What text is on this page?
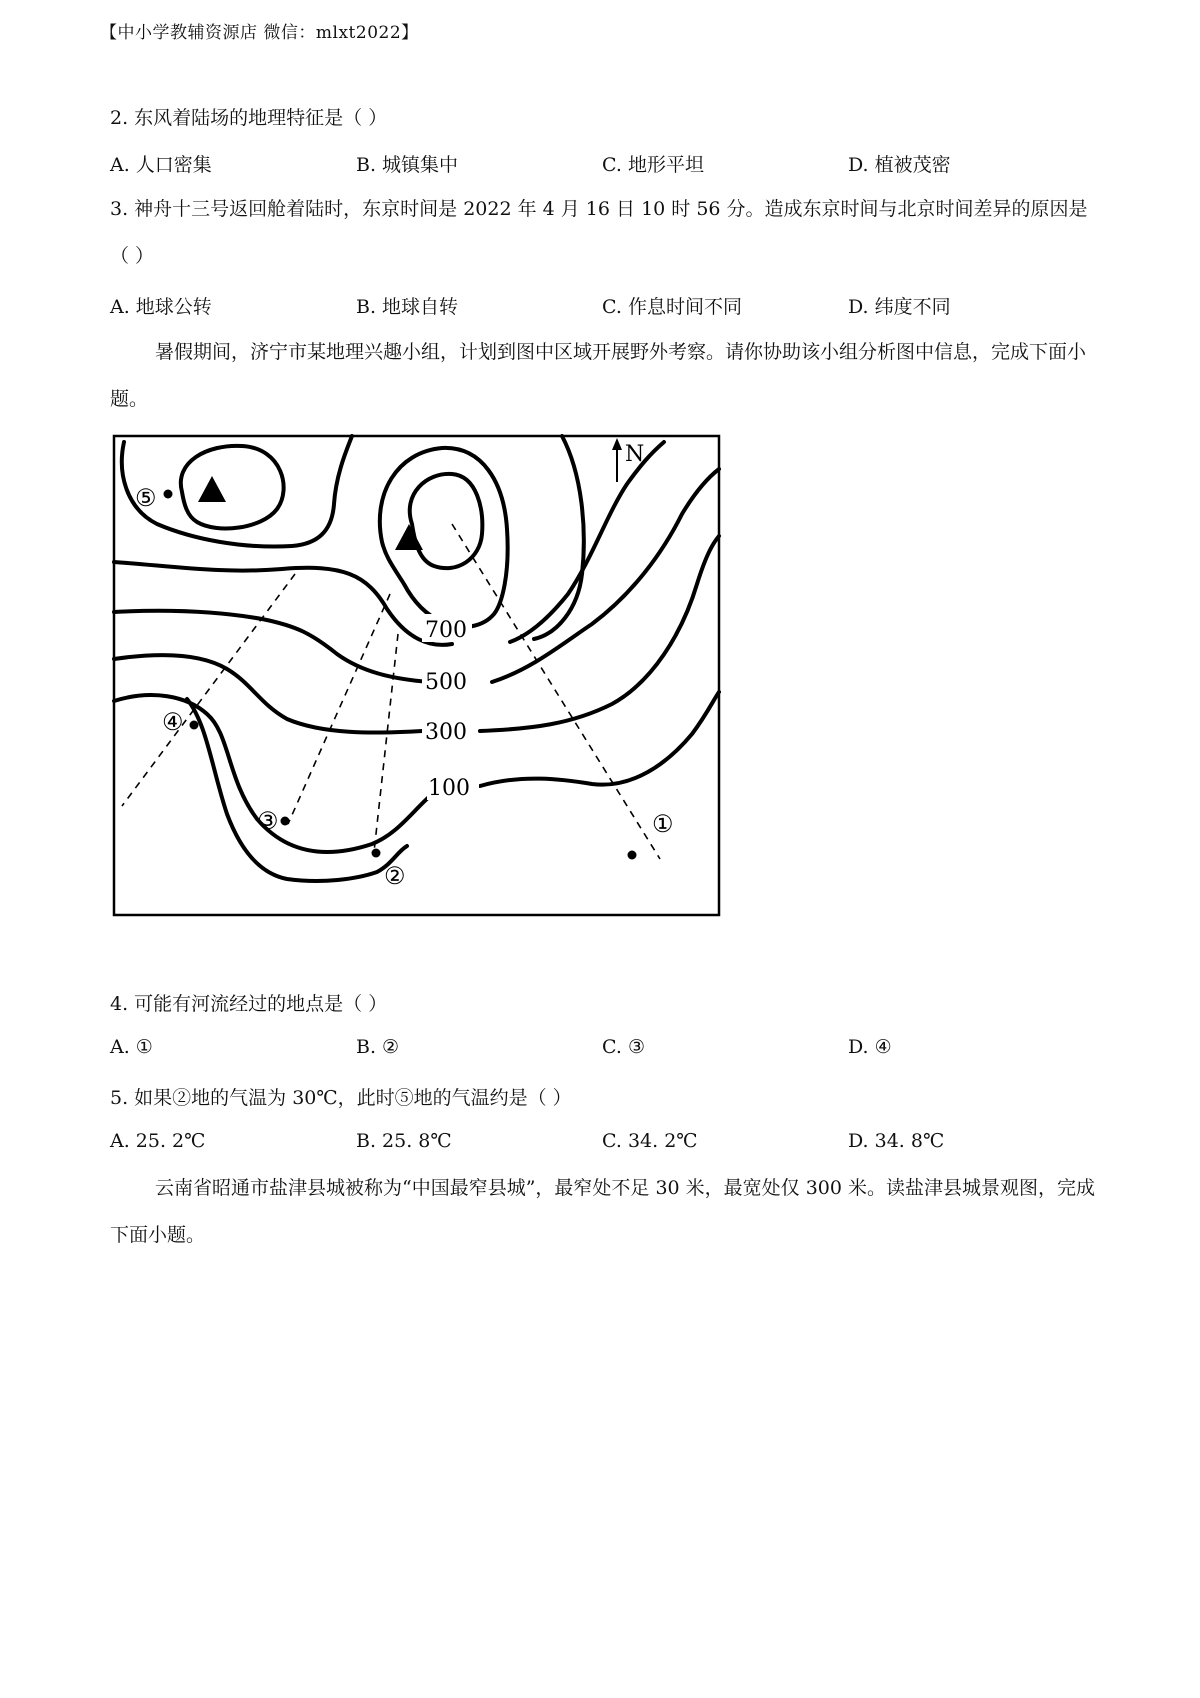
【中小学教辅资源店 微信：mlxt2022】
2. 东风着陆场的地理特征是（ ）
A. 人口密集	B. 城镇集中	C. 地形平坦	D. 植被茂密
3. 神舟十三号返回舱着陆时，东京时间是 2022 年 4 月 16 日 10 时 56 分。造成东京时间与北京时间差异的原因是（ ）
A. 地球公转	B. 地球自转	C. 作息时间不同	D. 纬度不同
暑假期间，济宁市某地理兴趣小组，计划到图中区域开展野外考察。请你协助该小组分析图中信息，完成下面小题。
N
700
500
300
100
①
②
③
④
⑤
4. 可能有河流经过的地点是（ ）
A. ①	B. ②	C. ③	D. ④
5. 如果②地的气温为 30℃，此时⑤地的气温约是（ ）
A. 25. 2℃	B. 25. 8℃	C. 34. 2℃	D. 34. 8℃
云南省昭通市盐津县城被称为“中国最窄县城”，最窄处不足 30 米，最宽处仅 300 米。读盐津县城景观图，完成下面小题。
